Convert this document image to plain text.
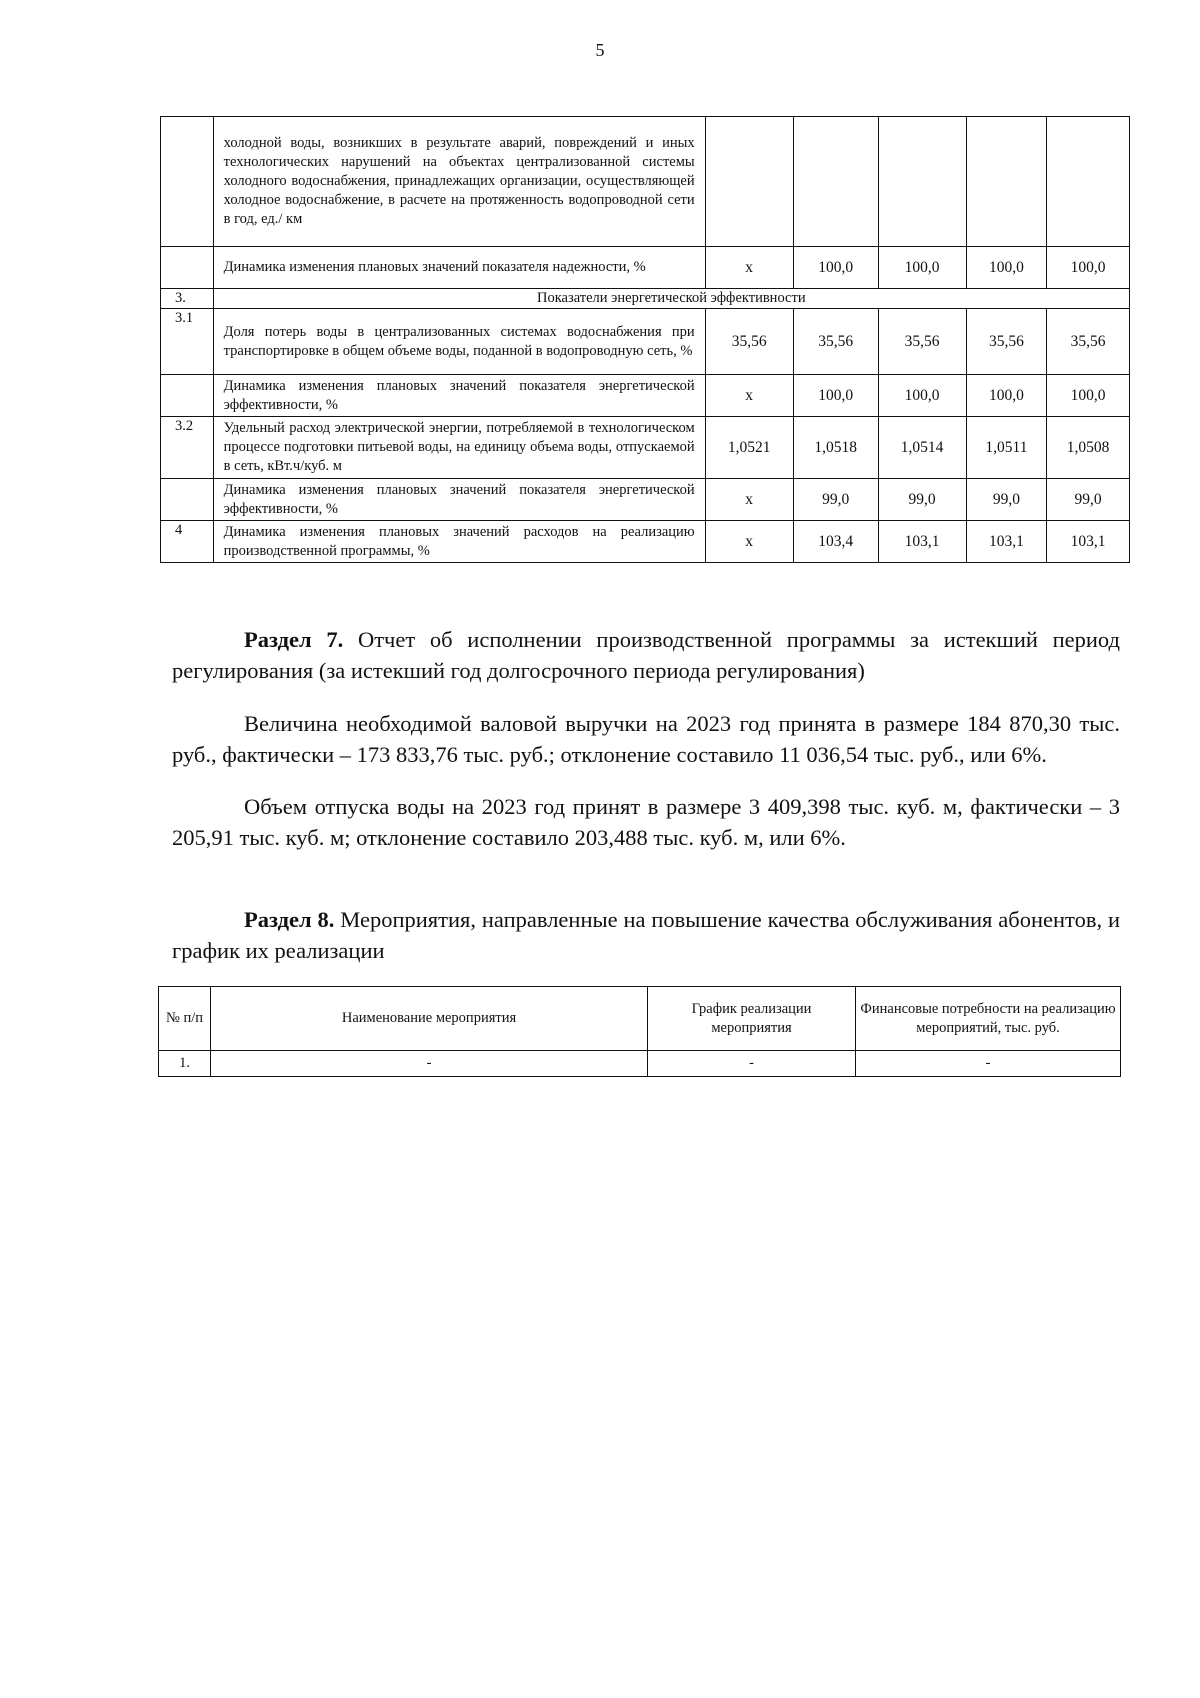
5
	холодной воды, возникших в результате аварий, повреждений и иных технологических нарушений на объектах централизованной системы холодного водоснабжения, принадлежащих организации, осуществляющей холодное водоснабжение, в расчете на протяженность водопроводной сети в год, ед./ км					
	Динамика изменения плановых значений показателя надежности, %	х	100,0	100,0	100,0	100,0
3.	Показатели энергетической эффективности					
3.1	Доля потерь воды в централизованных системах водоснабжения при транспортировке в общем объеме воды, поданной в водопроводную сеть, %	35,56	35,56	35,56	35,56	35,56
	Динамика изменения плановых значений показателя энергетической эффективности, %	х	100,0	100,0	100,0	100,0
3.2	Удельный расход электрической энергии, потребляемой в технологическом процессе подготовки питьевой воды, на единицу объема воды, отпускаемой в сеть, кВт.ч/куб. м	1,0521	1,0518	1,0514	1,0511	1,0508
	Динамика изменения плановых значений показателя энергетической эффективности, %	х	99,0	99,0	99,0	99,0
4	Динамика изменения плановых значений расходов на реализацию производственной программы, %	х	103,4	103,1	103,1	103,1

Раздел 7. Отчет об исполнении производственной программы за истекший период регулирования (за истекший год долгосрочного периода регулирования)

Величина необходимой валовой выручки на 2023 год принята в размере 184 870,30 тыс. руб., фактически – 173 833,76 тыс. руб.; отклонение составило 11 036,54 тыс. руб., или 6%.

Объем отпуска воды на 2023 год принят в размере 3 409,398 тыс. куб. м, фактически – 3 205,91 тыс. куб. м; отклонение составило 203,488 тыс. куб. м, или 6%.

Раздел 8. Мероприятия, направленные на повышение качества обслуживания абонентов, и график их реализации

№ п/п	Наименование мероприятия	График реализации мероприятия	Финансовые потребности на реализацию мероприятий, тыс. руб.
1.	-	-	-
